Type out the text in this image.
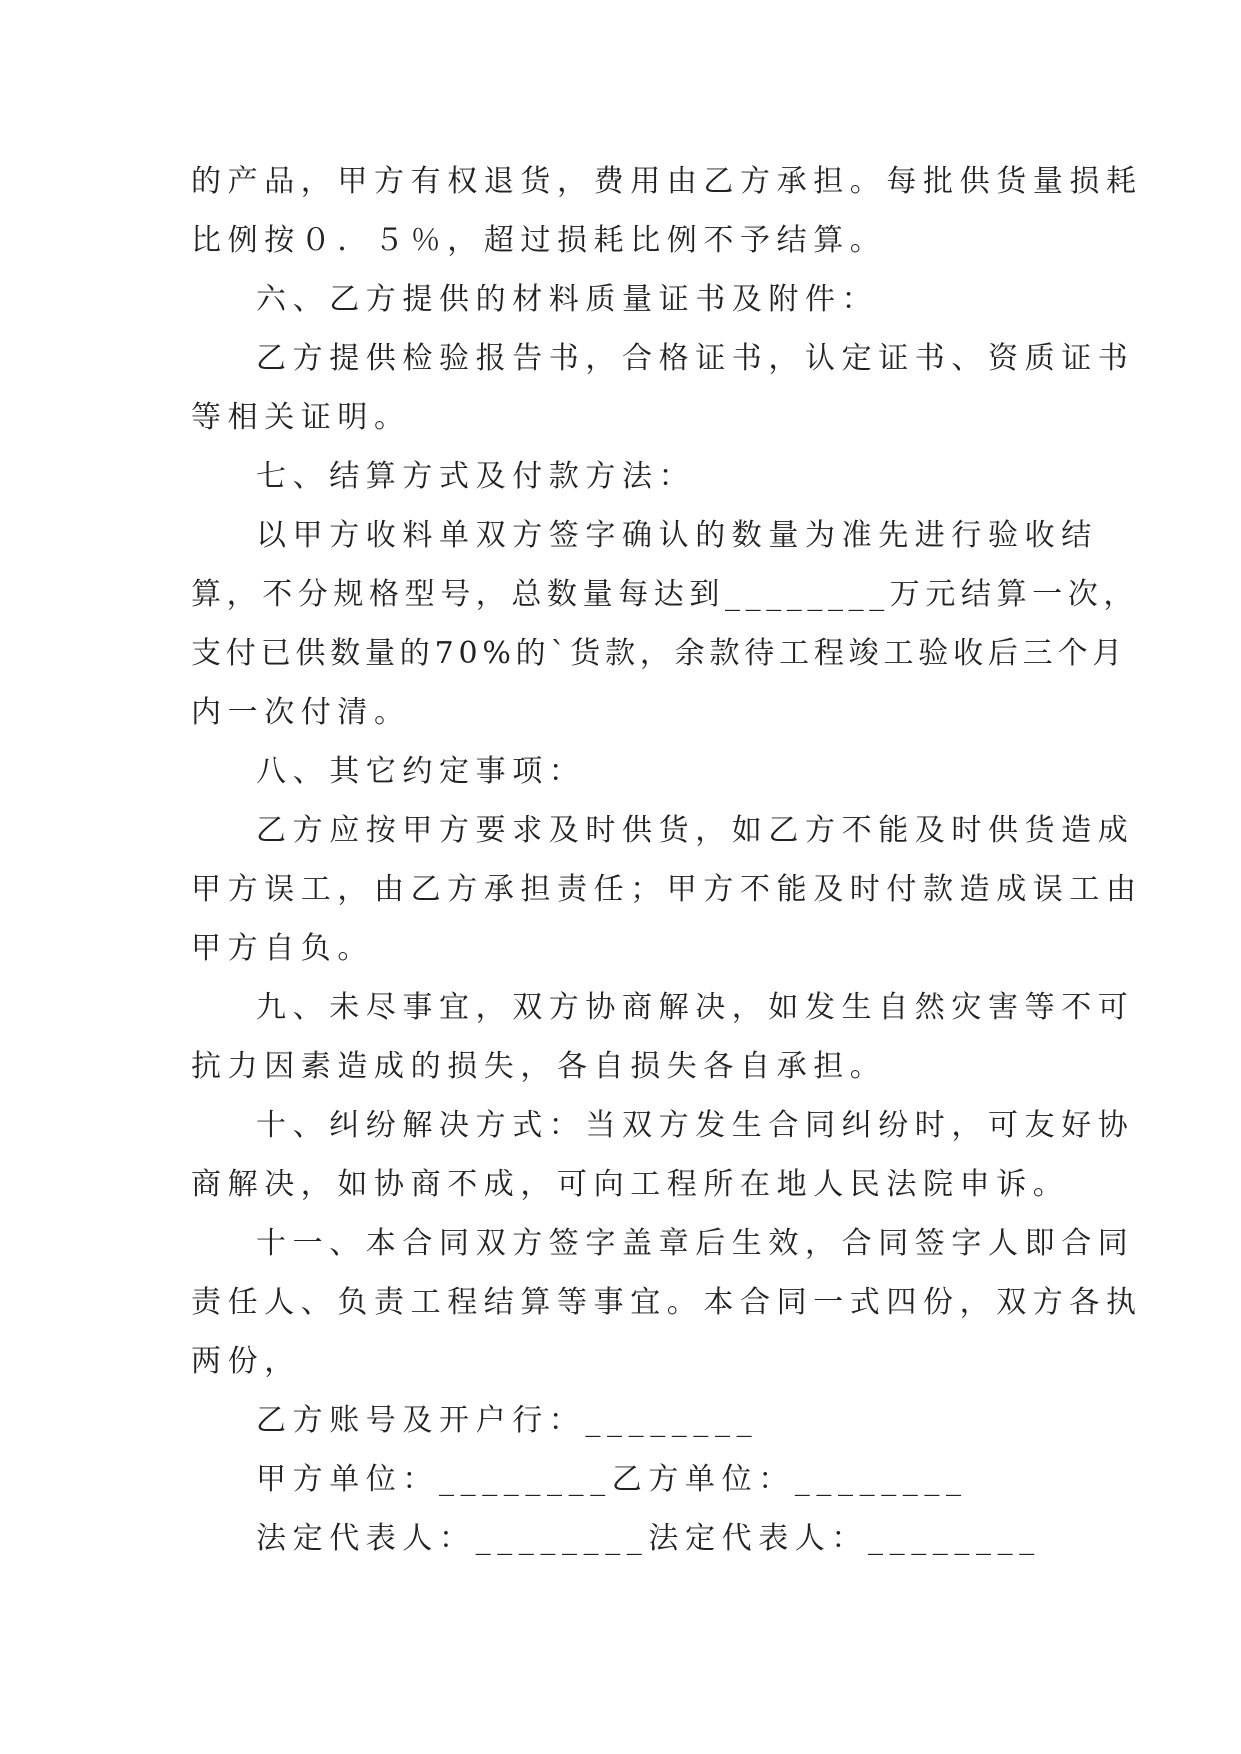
的产品，甲方有权退货，费用由乙方承担。每批供货量损耗
比例按０．５％，超过损耗比例不予结算。
六、乙方提供的材料质量证书及附件：
乙方提供检验报告书，合格证书，认定证书、资质证书
等相关证明。
七、结算方式及付款方法：
以甲方收料单双方签字确认的数量为准先进行验收结
算，不分规格型号，总数量每达到________万元结算一次，
支付已供数量的70%的`货款，余款待工程竣工验收后三个月
内一次付清。
八、其它约定事项：
乙方应按甲方要求及时供货，如乙方不能及时供货造成
甲方误工，由乙方承担责任；甲方不能及时付款造成误工由
甲方自负。
九、未尽事宜，双方协商解决，如发生自然灾害等不可
抗力因素造成的损失，各自损失各自承担。
十、纠纷解决方式：当双方发生合同纠纷时，可友好协
商解决，如协商不成，可向工程所在地人民法院申诉。
十一、本合同双方签字盖章后生效，合同签字人即合同
责任人、负责工程结算等事宜。本合同一式四份，双方各执
两份，
乙方账号及开户行：________
甲方单位：________乙方单位：________
法定代表人：________法定代表人：________
